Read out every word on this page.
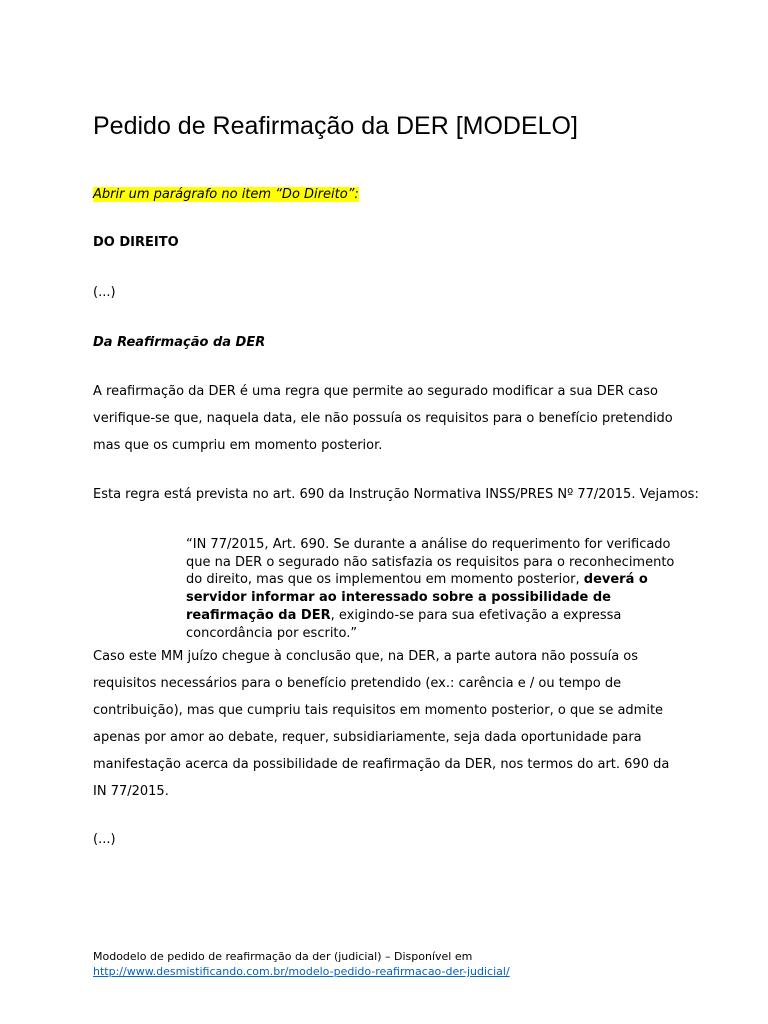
Pedido de Reafirmação da DER [MODELO]

Abrir um parágrafo no item “Do Direito”:

DO DIREITO

(...)

Da Reafirmação da DER

A reafirmação da DER é uma regra que permite ao segurado modificar a sua DER caso verifique-se que, naquela data, ele não possuía os requisitos para o benefício pretendido mas que os cumpriu em momento posterior.

Esta regra está prevista no art. 690 da Instrução Normativa INSS/PRES Nº 77/2015. Vejamos:

“IN 77/2015, Art. 690. Se durante a análise do requerimento for verificado que na DER o segurado não satisfazia os requisitos para o reconhecimento do direito, mas que os implementou em momento posterior, deverá o servidor informar ao interessado sobre a possibilidade de reafirmação da DER, exigindo-se para sua efetivação a expressa concordância por escrito.”

Caso este MM juízo chegue à conclusão que, na DER, a parte autora não possuía os requisitos necessários para o benefício pretendido (ex.: carência e / ou tempo de contribuição), mas que cumpriu tais requisitos em momento posterior, o que se admite apenas por amor ao debate, requer, subsidiariamente, seja dada oportunidade para manifestação acerca da possibilidade de reafirmação da DER, nos termos do art. 690 da IN 77/2015.

(...)

Mododelo de pedido de reafirmação da der (judicial) – Disponível em
http://www.desmistificando.com.br/modelo-pedido-reafirmacao-der-judicial/
